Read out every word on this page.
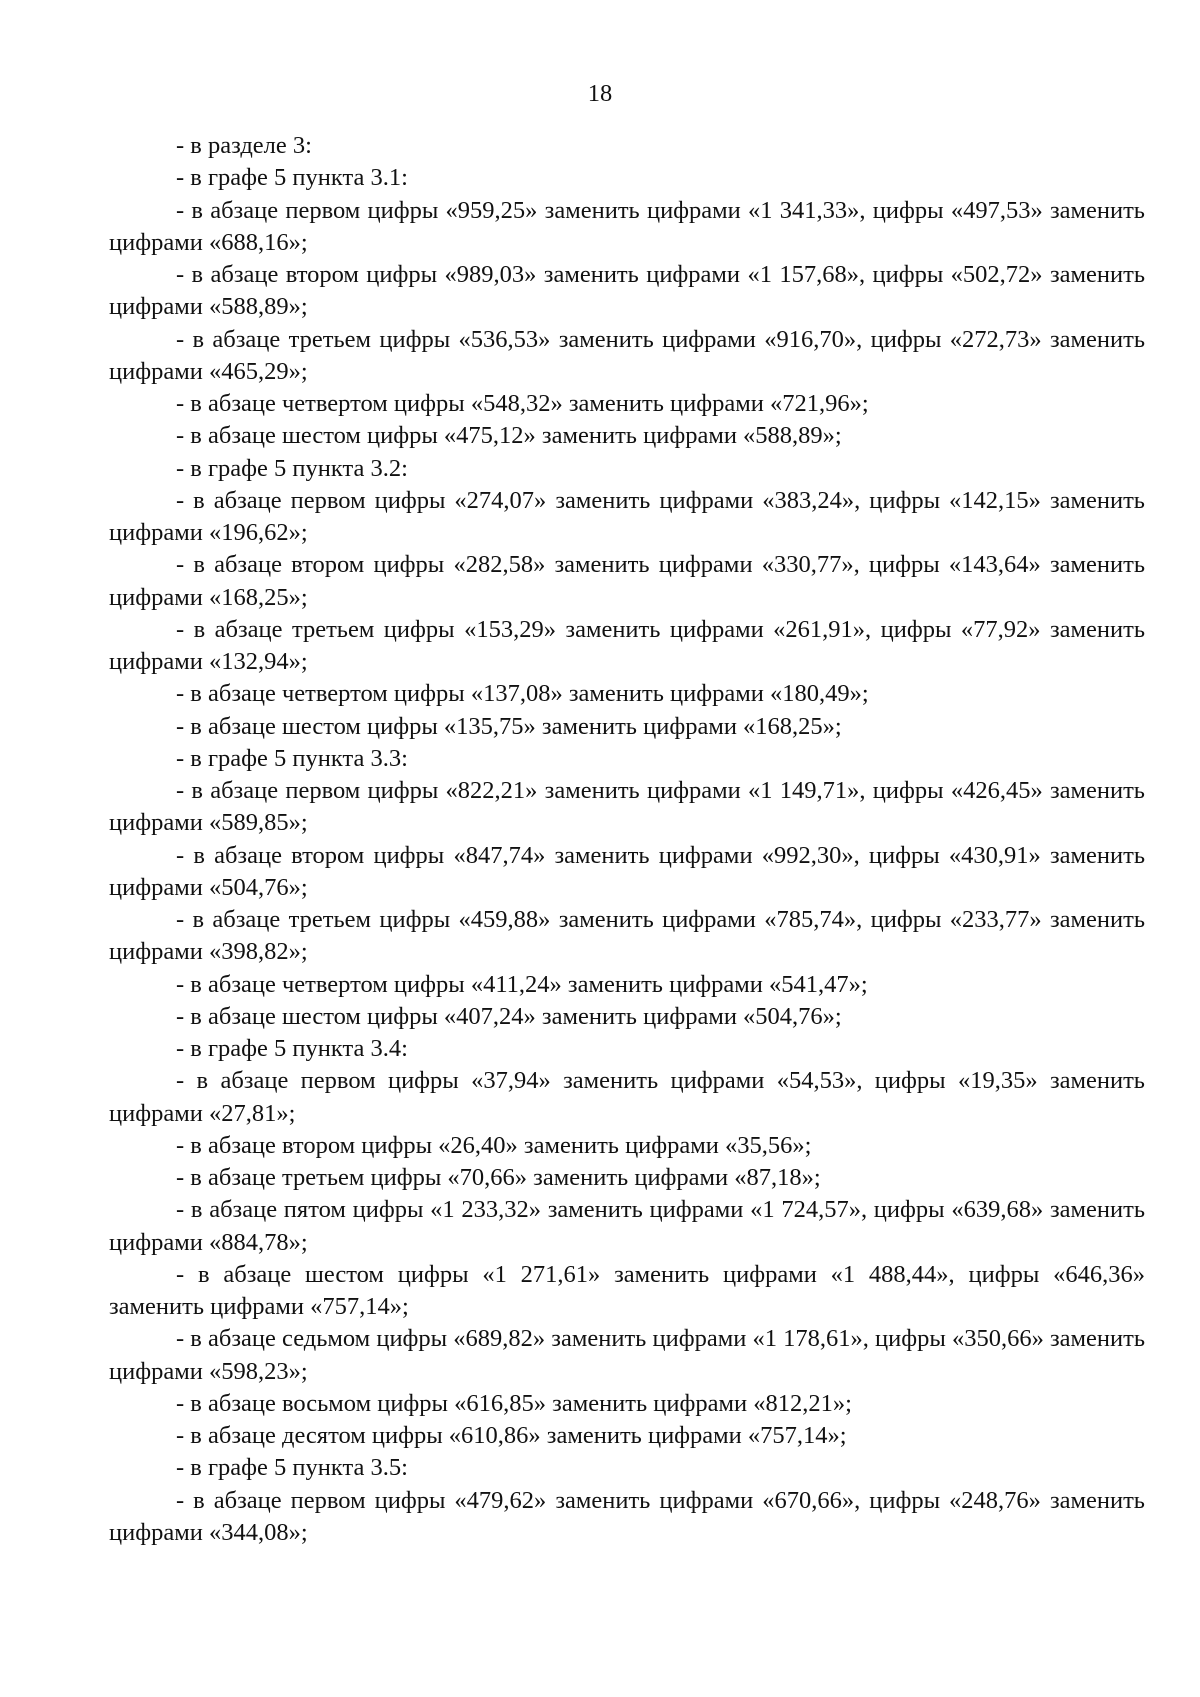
18

- в разделе 3:

- в графе 5 пункта 3.1:

- в абзаце первом цифры «959,25» заменить цифрами «1 341,33», цифры «497,53» заменить цифрами «688,16»;

- в абзаце втором цифры «989,03» заменить цифрами «1 157,68», цифры «502,72» заменить цифрами «588,89»;

- в абзаце третьем цифры «536,53» заменить цифрами «916,70», цифры «272,73» заменить цифрами «465,29»;

- в абзаце четвертом цифры «548,32» заменить цифрами «721,96»;

- в абзаце шестом цифры «475,12» заменить цифрами «588,89»;

- в графе 5 пункта 3.2:

- в абзаце первом цифры «274,07» заменить цифрами «383,24», цифры «142,15» заменить цифрами «196,62»;

- в абзаце втором цифры «282,58» заменить цифрами «330,77», цифры «143,64» заменить цифрами «168,25»;

- в абзаце третьем цифры «153,29» заменить цифрами «261,91», цифры «77,92» заменить цифрами «132,94»;

- в абзаце четвертом цифры «137,08» заменить цифрами «180,49»;

- в абзаце шестом цифры «135,75» заменить цифрами «168,25»;

- в графе 5 пункта 3.3:

- в абзаце первом цифры «822,21» заменить цифрами «1 149,71», цифры «426,45» заменить цифрами «589,85»;

- в абзаце втором цифры «847,74» заменить цифрами «992,30», цифры «430,91» заменить цифрами «504,76»;

- в абзаце третьем цифры «459,88» заменить цифрами «785,74», цифры «233,77» заменить цифрами «398,82»;

- в абзаце четвертом цифры «411,24» заменить цифрами «541,47»;

- в абзаце шестом цифры «407,24» заменить цифрами «504,76»;

- в графе 5 пункта 3.4:

- в абзаце первом цифры «37,94» заменить цифрами «54,53», цифры «19,35» заменить цифрами «27,81»;

- в абзаце втором цифры «26,40» заменить цифрами «35,56»;

- в абзаце третьем цифры «70,66» заменить цифрами «87,18»;

- в абзаце пятом цифры «1 233,32» заменить цифрами «1 724,57», цифры «639,68» заменить цифрами «884,78»;

- в абзаце шестом цифры «1 271,61» заменить цифрами «1 488,44», цифры «646,36» заменить цифрами «757,14»;

- в абзаце седьмом цифры «689,82» заменить цифрами «1 178,61», цифры «350,66» заменить цифрами «598,23»;

- в абзаце восьмом цифры «616,85» заменить цифрами «812,21»;

- в абзаце десятом цифры «610,86» заменить цифрами «757,14»;

- в графе 5 пункта 3.5:

- в абзаце первом цифры «479,62» заменить цифрами «670,66», цифры «248,76» заменить цифрами «344,08»;
